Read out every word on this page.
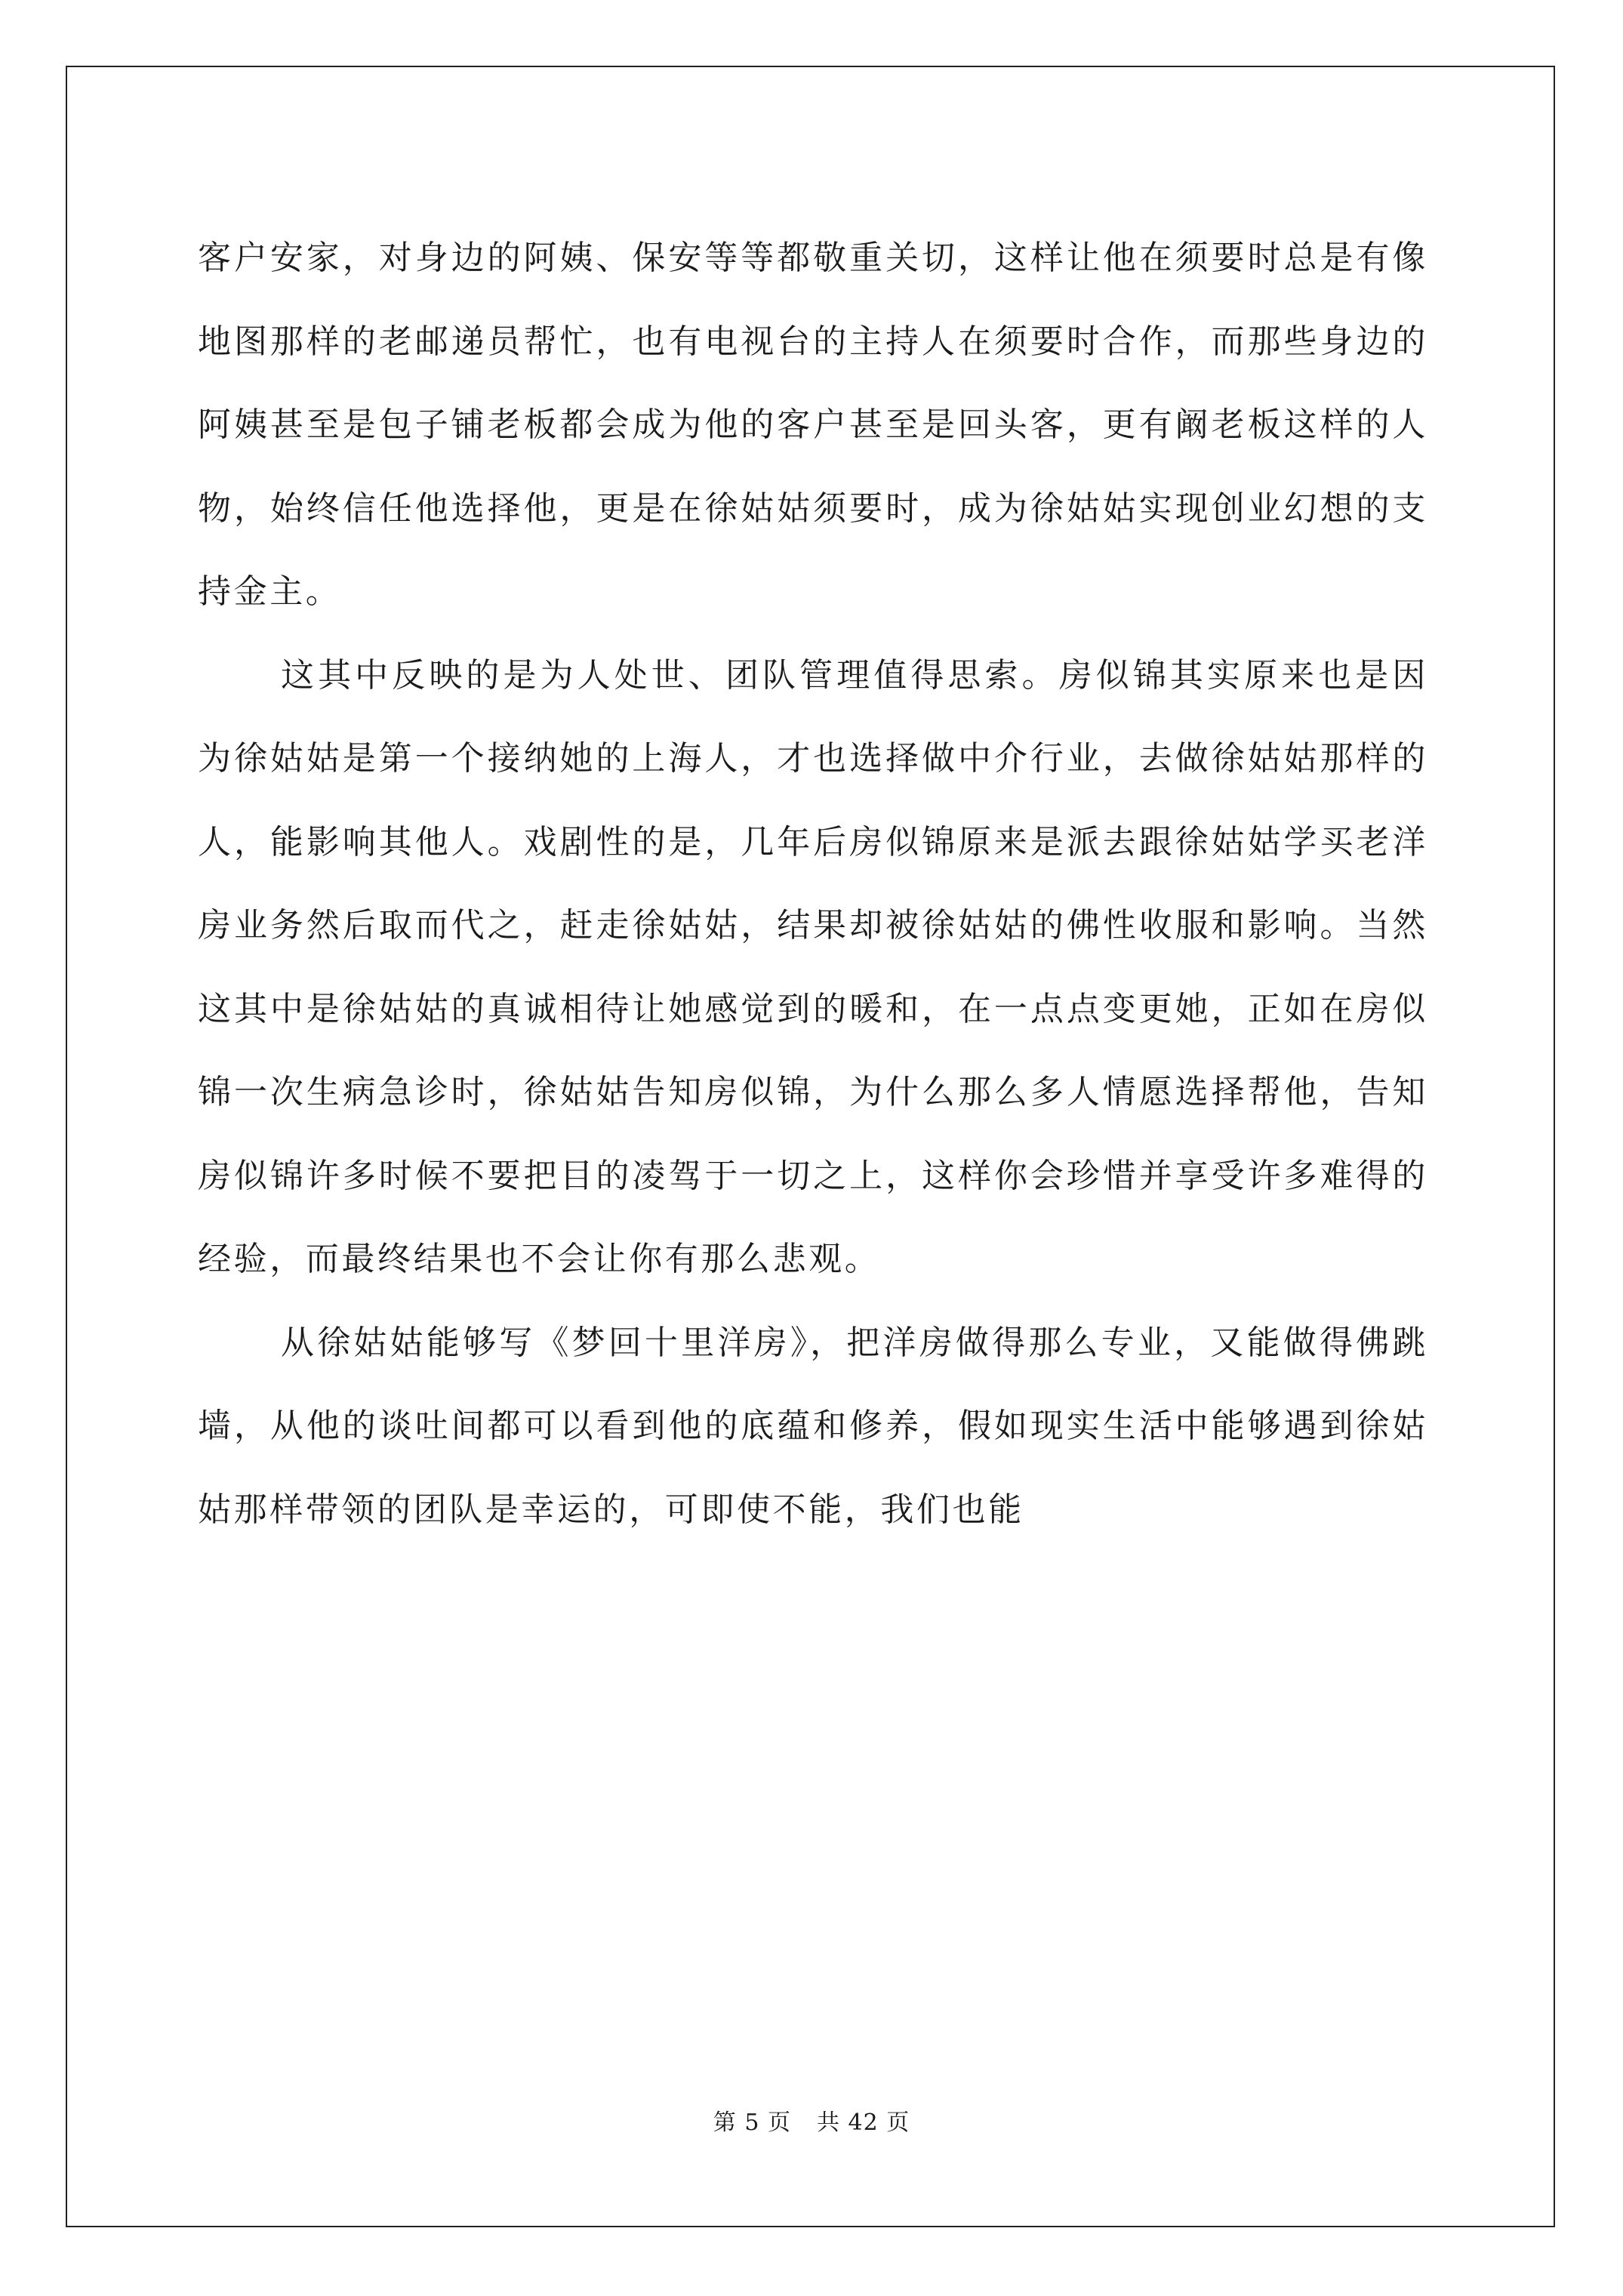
客户安家，对身边的阿姨、保安等等都敬重关切，这样让他在须要时总是有像地图那样的老邮递员帮忙，也有电视台的主持人在须要时合作，而那些身边的阿姨甚至是包子铺老板都会成为他的客户甚至是回头客，更有阚老板这样的人物，始终信任他选择他，更是在徐姑姑须要时，成为徐姑姑实现创业幻想的支持金主。

这其中反映的是为人处世、团队管理值得思索。房似锦其实原来也是因为徐姑姑是第一个接纳她的上海人，才也选择做中介行业，去做徐姑姑那样的人，能影响其他人。戏剧性的是，几年后房似锦原来是派去跟徐姑姑学买老洋房业务然后取而代之，赶走徐姑姑，结果却被徐姑姑的佛性收服和影响。当然这其中是徐姑姑的真诚相待让她感觉到的暖和，在一点点变更她，正如在房似锦一次生病急诊时，徐姑姑告知房似锦，为什么那么多人情愿选择帮他，告知房似锦许多时候不要把目的凌驾于一切之上，这样你会珍惜并享受许多难得的经验，而最终结果也不会让你有那么悲观。

从徐姑姑能够写《梦回十里洋房》，把洋房做得那么专业，又能做得佛跳墙，从他的谈吐间都可以看到他的底蕴和修养，假如现实生活中能够遇到徐姑姑那样带领的团队是幸运的，可即使不能，我们也能

第 5 页 共 42 页
